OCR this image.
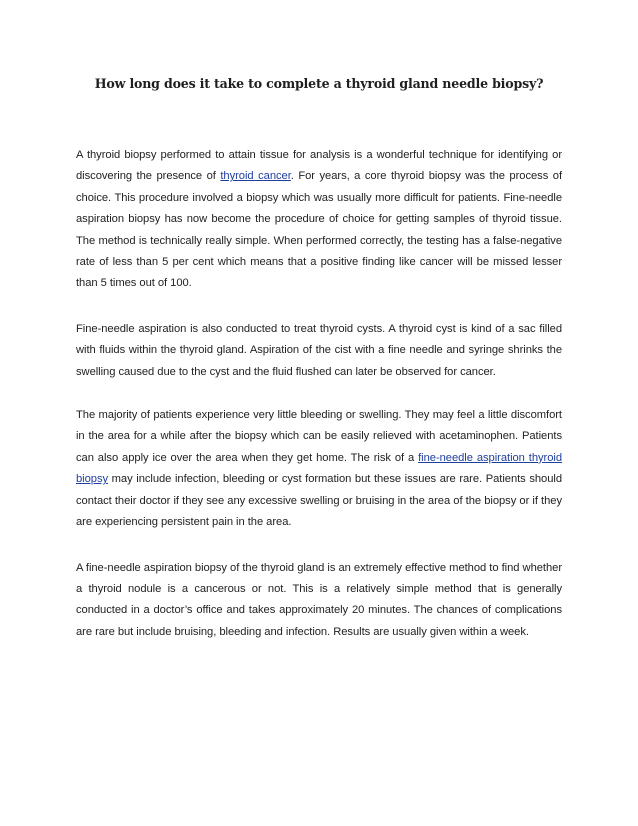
How long does it take to complete a thyroid gland needle biopsy?

A thyroid biopsy performed to attain tissue for analysis is a wonderful technique for identifying or discovering the presence of thyroid cancer. For years, a core thyroid biopsy was the process of choice. This procedure involved a biopsy which was usually more difficult for patients. Fine-needle aspiration biopsy has now become the procedure of choice for getting samples of thyroid tissue. The method is technically really simple. When performed correctly, the testing has a false-negative rate of less than 5 per cent which means that a positive finding like cancer will be missed lesser than 5 times out of 100.

Fine-needle aspiration is also conducted to treat thyroid cysts. A thyroid cyst is kind of a sac filled with fluids within the thyroid gland. Aspiration of the cist with a fine needle and syringe shrinks the swelling caused due to the cyst and the fluid flushed can later be observed for cancer.

The majority of patients experience very little bleeding or swelling. They may feel a little discomfort in the area for a while after the biopsy which can be easily relieved with acetaminophen. Patients can also apply ice over the area when they get home. The risk of a fine-needle aspiration thyroid biopsy may include infection, bleeding or cyst formation but these issues are rare. Patients should contact their doctor if they see any excessive swelling or bruising in the area of the biopsy or if they are experiencing persistent pain in the area.

A fine-needle aspiration biopsy of the thyroid gland is an extremely effective method to find whether a thyroid nodule is a cancerous or not. This is a relatively simple method that is generally conducted in a doctor’s office and takes approximately 20 minutes. The chances of complications are rare but include bruising, bleeding and infection. Results are usually given within a week.
